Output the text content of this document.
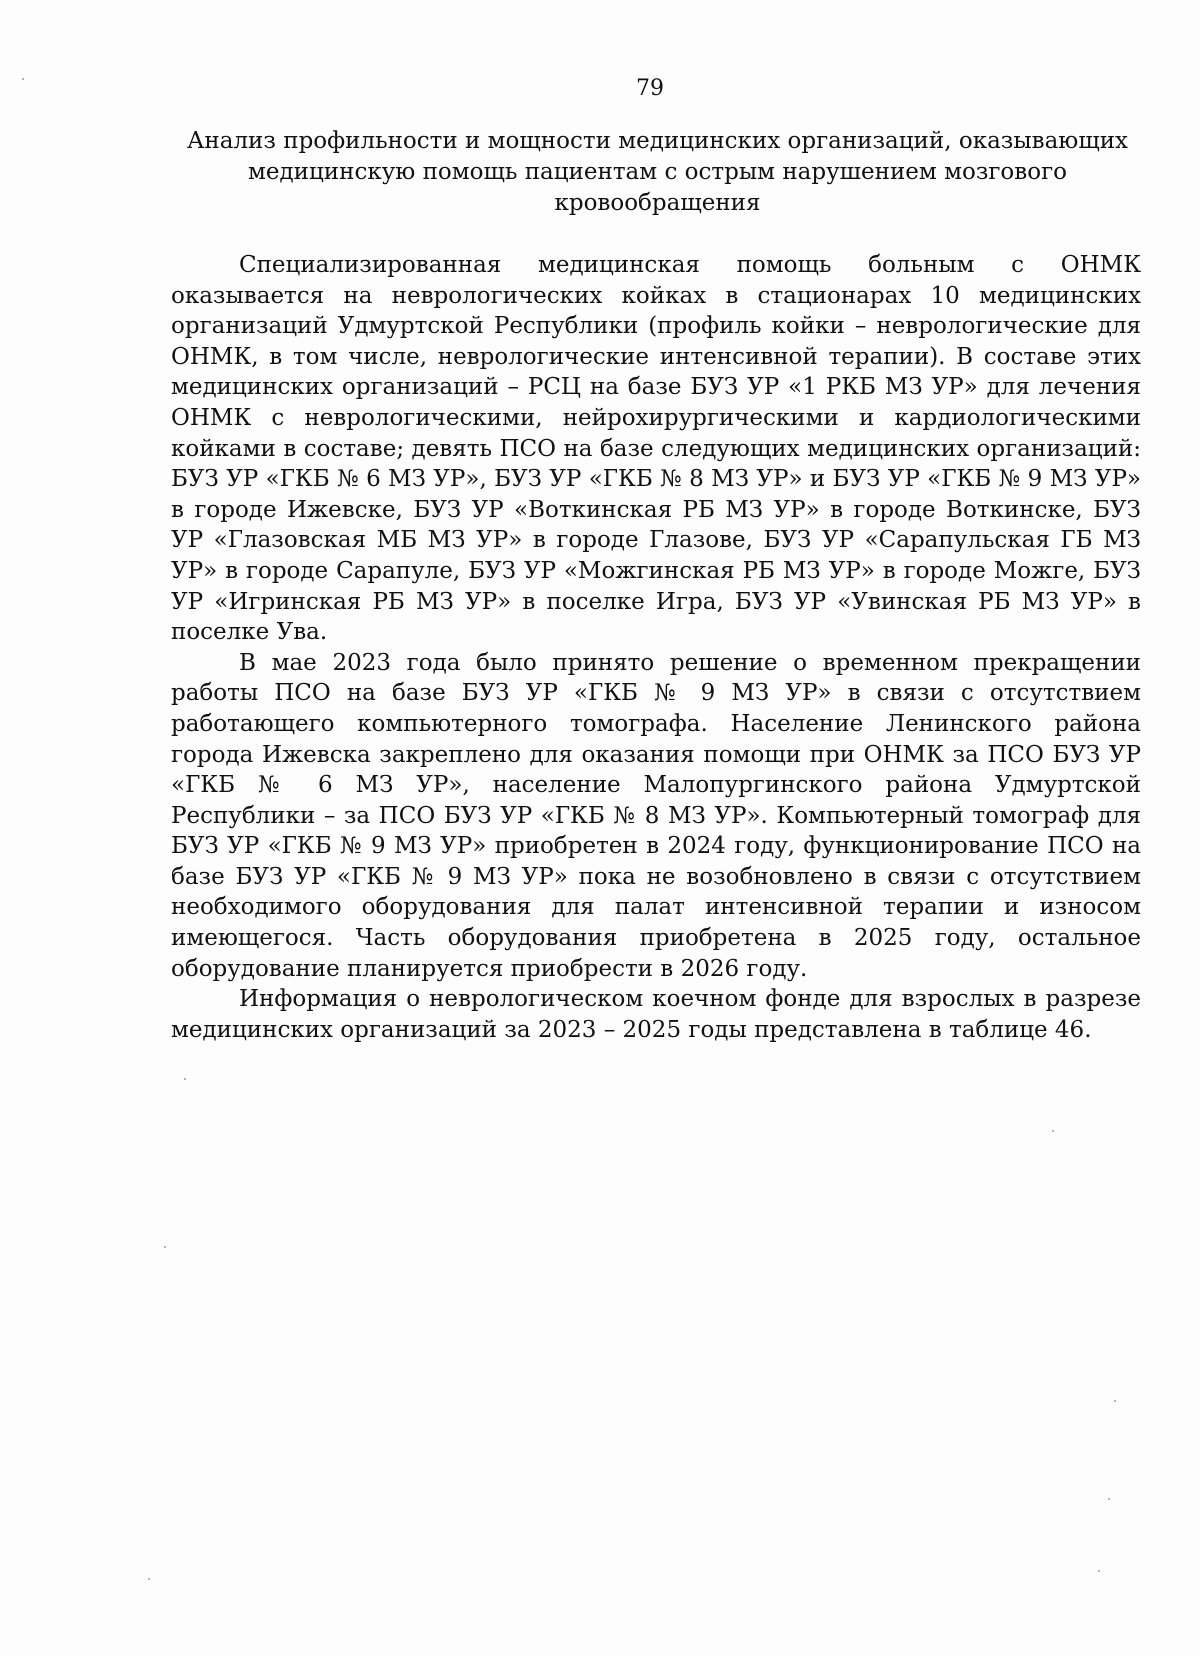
79
Анализ профильности и мощности медицинских организаций, оказывающих медицинскую помощь пациентам с острым нарушением мозгового кровообращения

Специализированная медицинская помощь больным с ОНМК оказывается на неврологических койках в стационарах 10 медицинских организаций Удмуртской Республики (профиль койки – неврологические для ОНМК, в том числе, неврологические интенсивной терапии). В составе этих медицинских организаций – РСЦ на базе БУЗ УР «1 РКБ МЗ УР» для лечения ОНМК с неврологическими, нейрохирургическими и кардиологическими койками в составе; девять ПСО на базе следующих медицинских организаций: БУЗ УР «ГКБ № 6 МЗ УР», БУЗ УР «ГКБ № 8 МЗ УР» и БУЗ УР «ГКБ № 9 МЗ УР» в городе Ижевске, БУЗ УР «Воткинская РБ МЗ УР» в городе Воткинске, БУЗ УР «Глазовская МБ МЗ УР» в городе Глазове, БУЗ УР «Сарапульская ГБ МЗ УР» в городе Сарапуле, БУЗ УР «Можгинская РБ МЗ УР» в городе Можге, БУЗ УР «Игринская РБ МЗ УР» в поселке Игра, БУЗ УР «Увинская РБ МЗ УР» в поселке Ува.

В мае 2023 года было принято решение о временном прекращении работы ПСО на базе БУЗ УР «ГКБ № 9 МЗ УР» в связи с отсутствием работающего компьютерного томографа. Население Ленинского района города Ижевска закреплено для оказания помощи при ОНМК за ПСО БУЗ УР «ГКБ № 6 МЗ УР», население Малопургинского района Удмуртской Республики – за ПСО БУЗ УР «ГКБ № 8 МЗ УР». Компьютерный томограф для БУЗ УР «ГКБ № 9 МЗ УР» приобретен в 2024 году, функционирование ПСО на базе БУЗ УР «ГКБ № 9 МЗ УР» пока не возобновлено в связи с отсутствием необходимого оборудования для палат интенсивной терапии и износом имеющегося. Часть оборудования приобретена в 2025 году, остальное оборудование планируется приобрести в 2026 году.

Информация о неврологическом коечном фонде для взрослых в разрезе медицинских организаций за 2023 – 2025 годы представлена в таблице 46.
